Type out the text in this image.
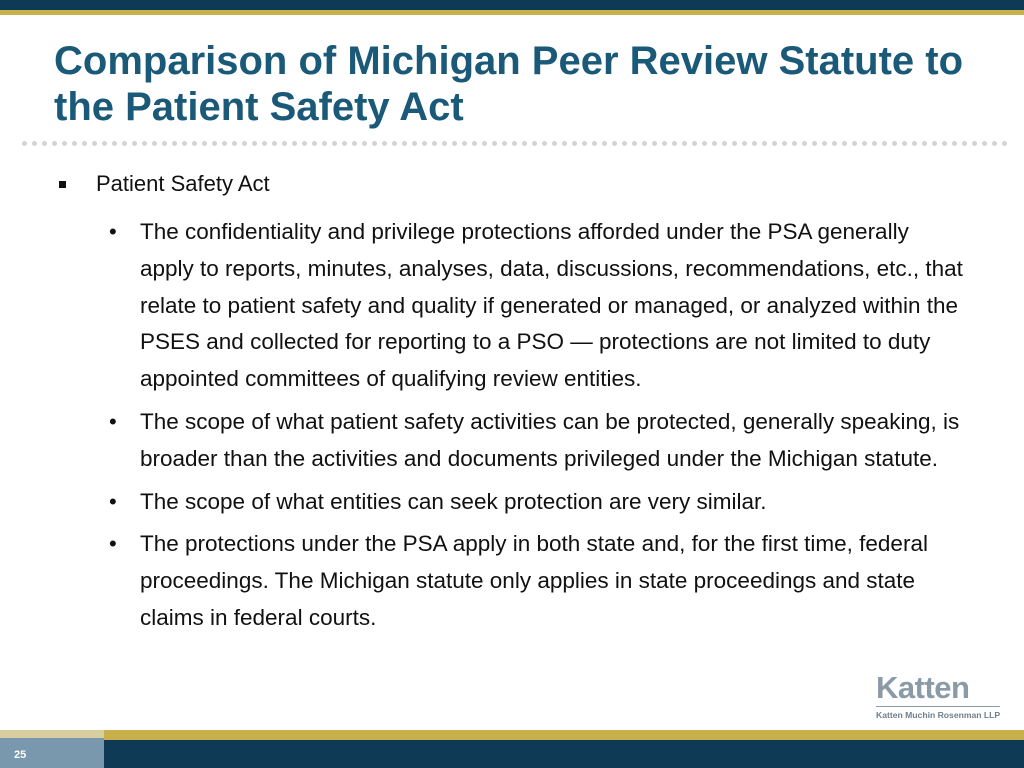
Comparison of Michigan Peer Review Statute to the Patient Safety Act
Patient Safety Act
• The confidentiality and privilege protections afforded under the PSA generally apply to reports, minutes, analyses, data, discussions, recommendations, etc., that relate to patient safety and quality if generated or managed, or analyzed within the PSES and collected for reporting to a PSO — protections are not limited to duty appointed committees of qualifying review entities.
• The scope of what patient safety activities can be protected, generally speaking, is broader than the activities and documents privileged under the Michigan statute.
• The scope of what entities can seek protection are very similar.
• The protections under the PSA apply in both state and, for the first time, federal proceedings. The Michigan statute only applies in state proceedings and state claims in federal courts.
Katten
Katten Muchin Rosenman LLP
25
